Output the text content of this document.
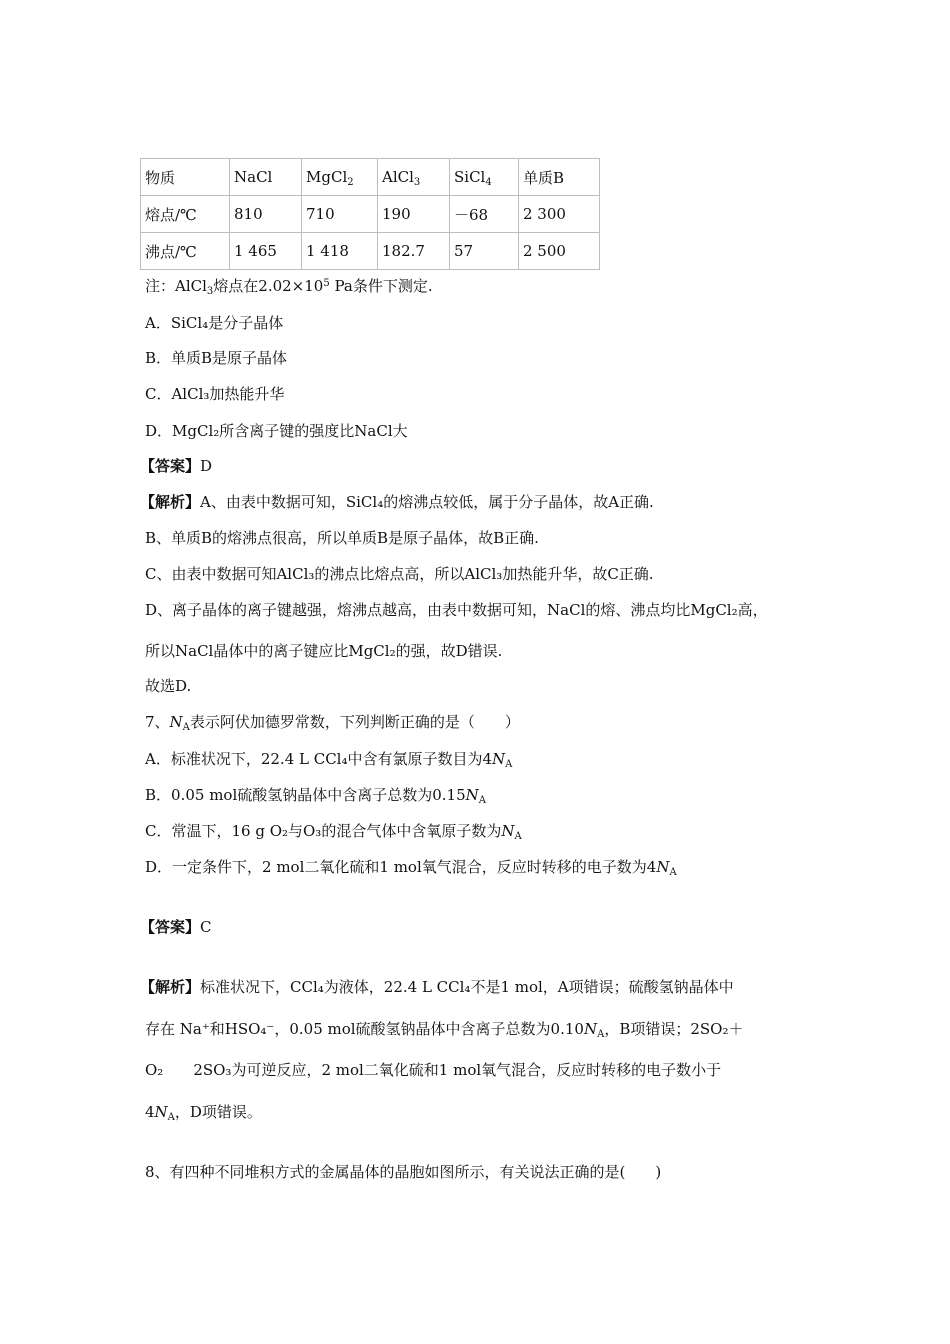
物质	NaCl	MgCl$_2$	AlCl$_3$	SiCl$_4$	单质B
熔点/℃	810	710	190	－68	2 300
沸点/℃	1 465	1 418	182.7	57	2 500
注：AlCl$_3$熔点在$2.02\times 10^5$ Pa条件下测定.
A．SiCl₄是分子晶体
B．单质B是原子晶体
C．AlCl₃加热能升华
D．MgCl₂所含离子键的强度比NaCl大
【答案】D
【解析】A、由表中数据可知，SiCl₄的熔沸点较低，属于分子晶体，故A正确.
B、单质B的熔沸点很高，所以单质B是原子晶体，故B正确.
C、由表中数据可知AlCl₃的沸点比熔点高，所以AlCl₃加热能升华，故C正确.
D、离子晶体的离子键越强，熔沸点越高，由表中数据可知，NaCl的熔、沸点均比MgCl₂高，
所以NaCl晶体中的离子键应比MgCl₂的强，故D错误.
故选D.
7、$N_A$表示阿伏加德罗常数，下列判断正确的是（　　）
A．标准状况下，22.4 L CCl₄中含有氯原子数目为$4N_A$
B．0.05 mol硫酸氢钠晶体中含离子总数为$0.15N_A$
C．常温下，16 g O₂与O₃的混合气体中含氧原子数为$N_A$
D．一定条件下，2 mol二氧化硫和1 mol氧气混合，反应时转移的电子数为$4N_A$
【答案】C
【解析】标准状况下，CCl₄为液体，22.4 L CCl₄不是1 mol，A项错误；硫酸氢钠晶体中
存在 Na⁺和HSO₄⁻，0.05 mol硫酸氢钠晶体中含离子总数为$0.10N_A$，B项错误；2SO₂＋
O₂ 2SO₃为可逆反应，2 mol二氧化硫和1 mol氧气混合，反应时转移的电子数小于
$4N_A$，D项错误。
8、有四种不同堆积方式的金属晶体的晶胞如图所示，有关说法正确的是(　　)
